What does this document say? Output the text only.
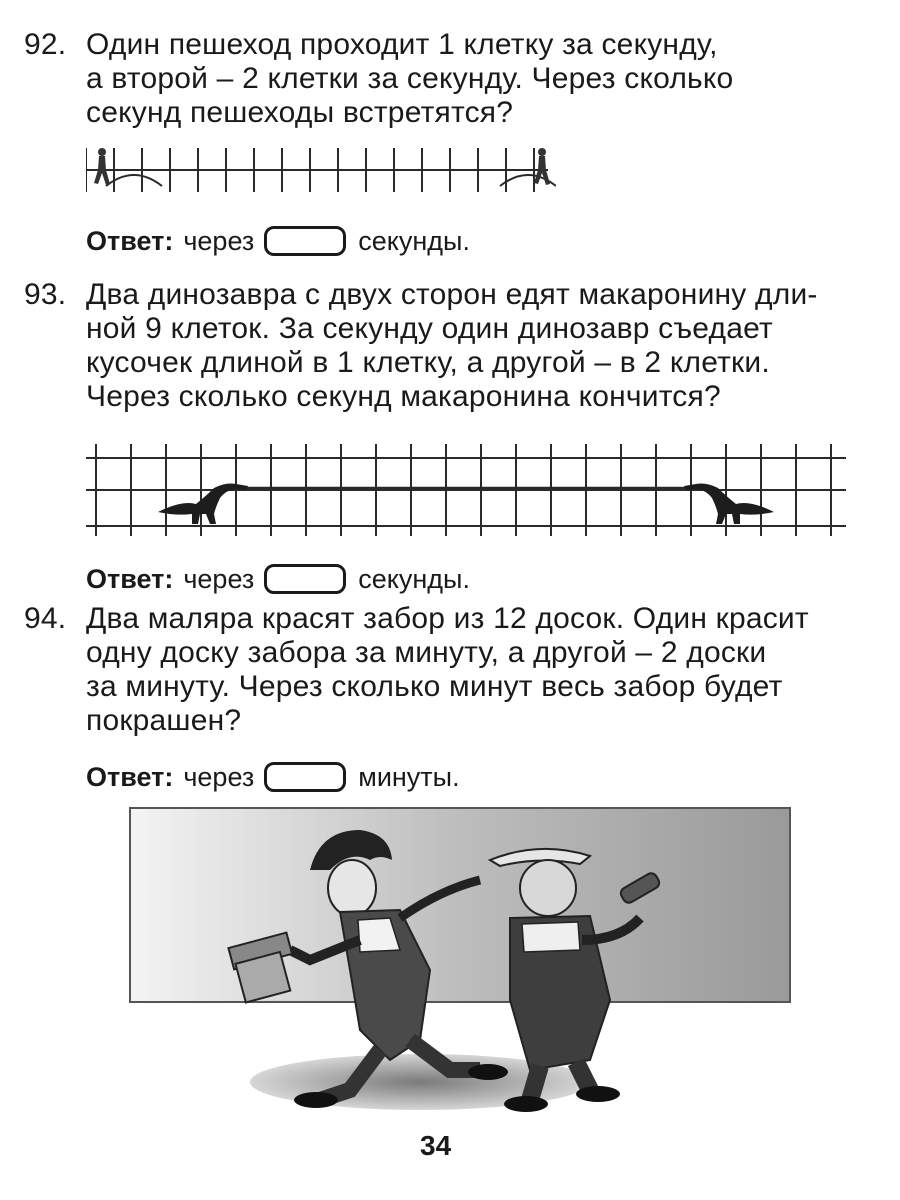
92. Один пешеход проходит 1 клетку за секунду,
а второй – 2 клетки за секунду. Через сколько
секунд пешеходы встретятся?
Ответ: через	секунды.
93. Два динозавра с двух сторон едят макаронину дли-
ной 9 клеток. За секунду один динозавр съедает
кусочек длиной в 1 клетку, а другой – в 2 клетки.
Через сколько секунд макаронина кончится?
Ответ: через	секунды.
94. Два маляра красят забор из 12 досок. Один красит
одну доску забора за минуту, а другой – 2 доски
за минуту. Через сколько минут весь забор будет
покрашен?
Ответ: через	минуты.
34
